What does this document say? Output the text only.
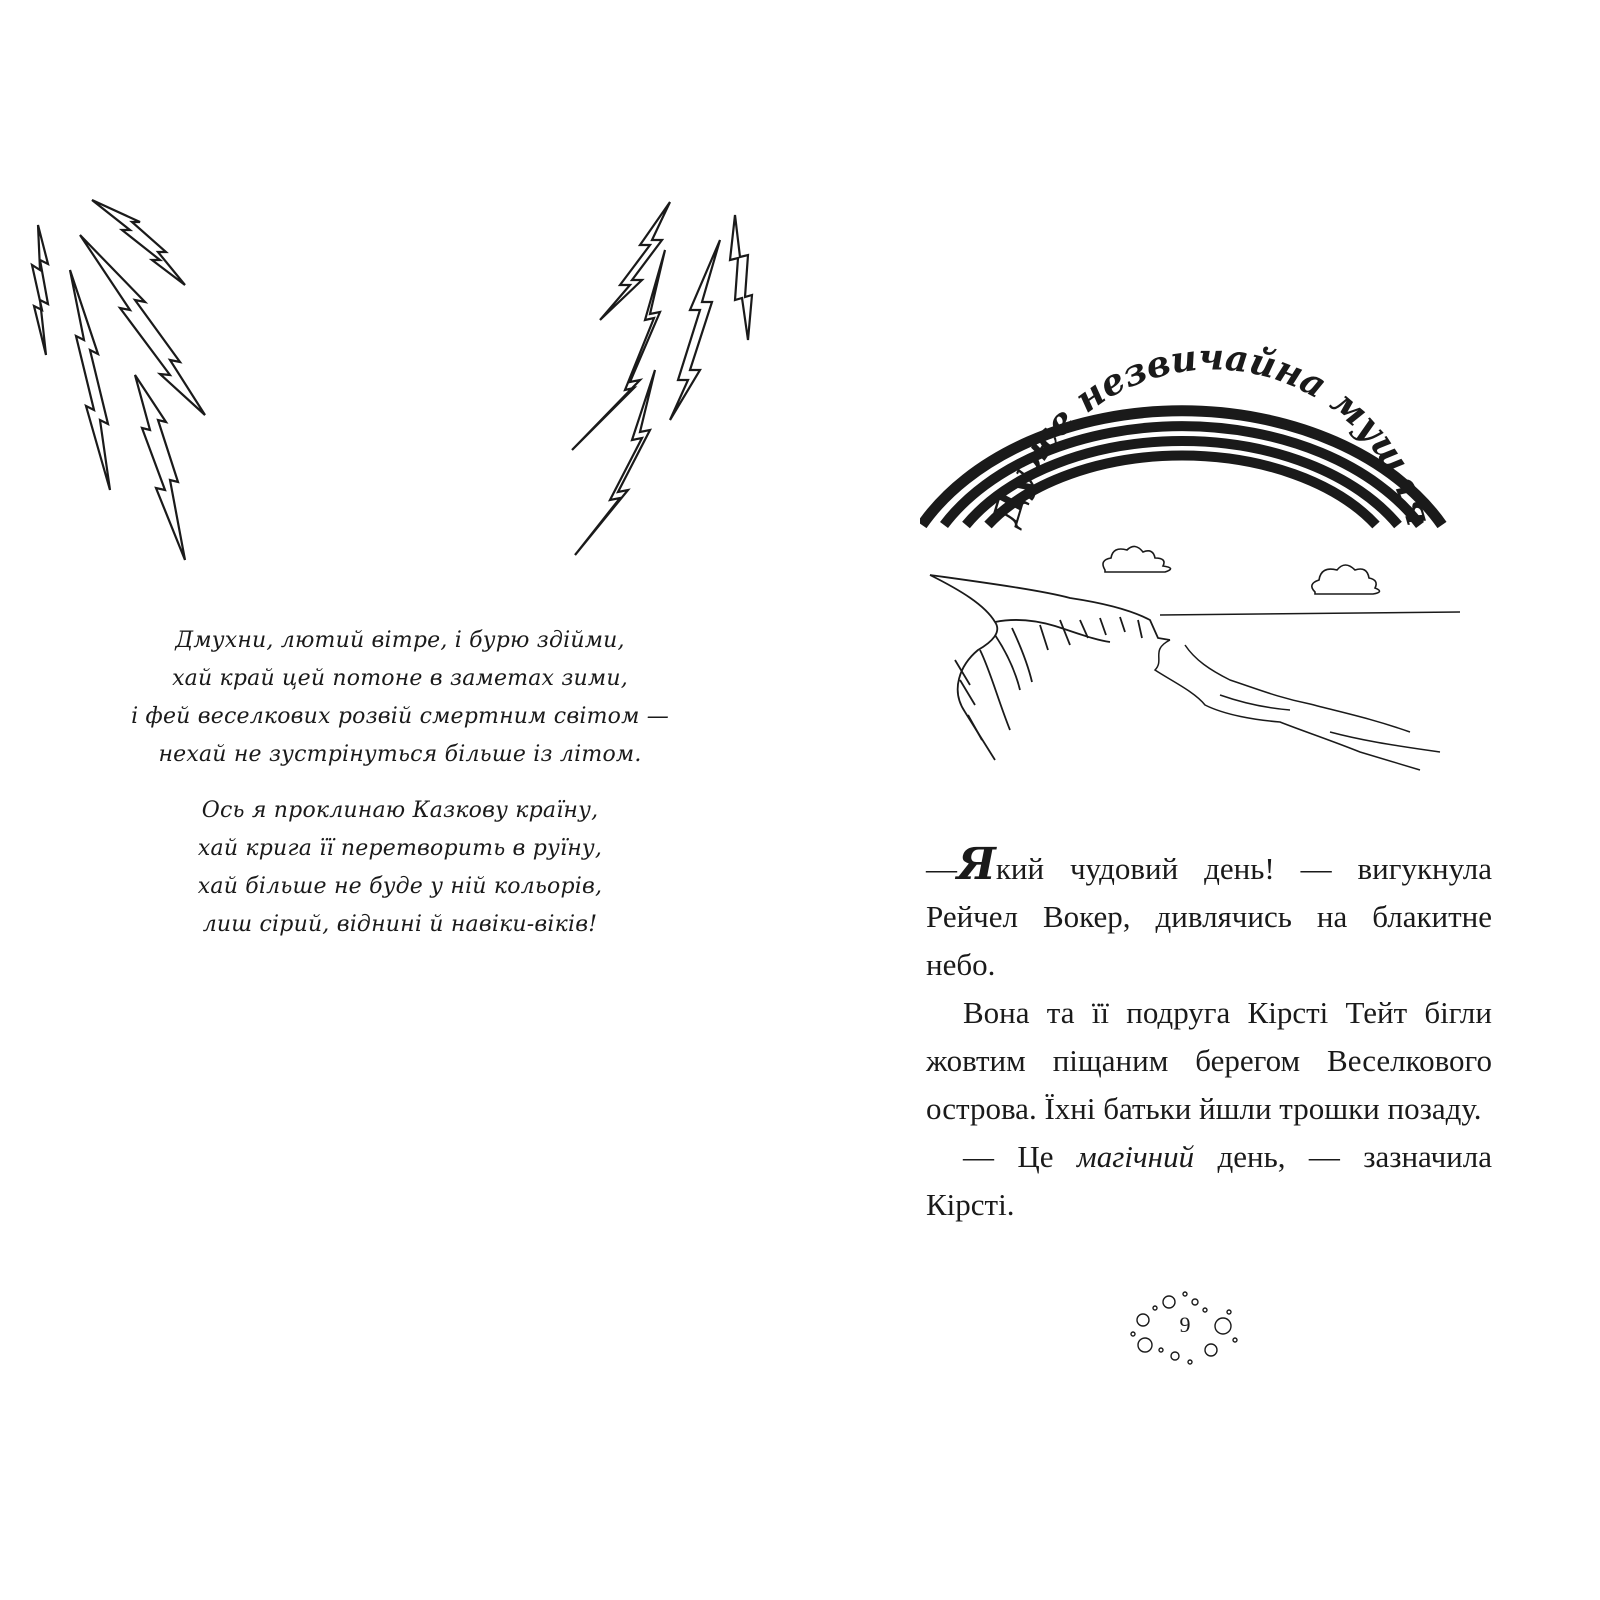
Дмухни, лютий вітре, і бурю здійми,
хай край цей потоне в заметах зими,
і фей веселкових розвій смертним світом —
нехай не зустрінуться більше із літом.

Ось я проклинаю Казкову країну,
хай крига її перетворить в руїну,
хай більше не буде у ній кольорів,
лиш сірий, віднині й навіки-віків!

Дуже незвичайна мушля

—Який чудовий день! — вигукнула Рейчел Вокер, дивлячись на блакитне небо.

Вона та її подруга Кірсті Тейт бігли жовтим піщаним берегом Веселкового острова. Їхні батьки йшли трошки позаду.

— Це магічний день, — зазначила Кірсті.

9
